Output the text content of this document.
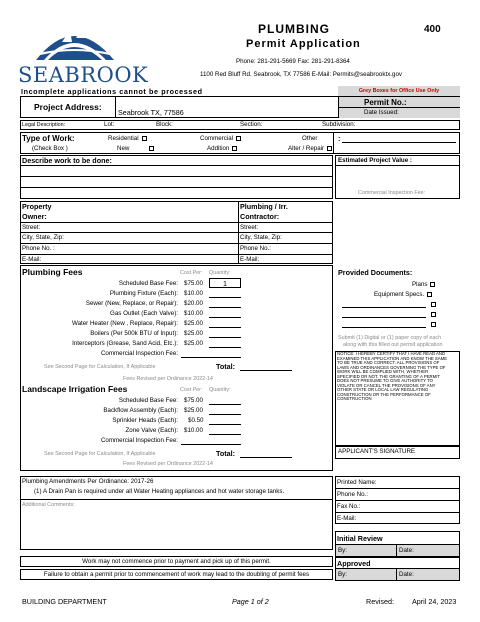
SEABROOK
PLUMBING
Permit Application
400
Phone: 281-291-5669 Fax: 281-291-8364
1100 Red Bluff Rd. Seabrook, TX 77586 E-Mail: Permits@seabrooktx.gov
Incomplete applications cannot be processed	Grey Boxes for Office Use Only
Project Address:
Seabrook TX, 77586
Permit No.:
Date Issued:
Legal Description:	Lot:	Block:	Section:	Subdivision:
Type of Work:
(Check Box )
Residential
New
Commercial
Addition
Other
Alter / Repair
:
Describe work to be done:	Estimated Project Value :
Commercial Inspection Fee:
Property
Owner:
Street:
City, State, Zip:
Phone No. :
E-Mail:
Plumbing / Irr.
Contractor:
Street:
City, State, Zip:
Phone No.:
E-Mail:
Plumbing Fees	Cost Per: Quantity:
Scheduled Base Fee: $75.00	1
Plumbing Fixture (Each): $10.00
Sewer (New, Replace, or Repair): $20.00
Gas Outlet (Each Valve): $10.00
Water Heater (New , Replace, Repair): $25.00
Boilers (Per 500k BTU of Input): $25.00
Interceptors (Grease, Sand Acid, Etc.): $25.00
Commercial Inspection Fee:
See Second Page for Calculation, If Applicable	Total:
Fees Revised per Ordinance 2022-14
Landscape Irrigation Fees	Cost Per: Quantity:
Scheduled Base Fee: $75.00
Backflow Assembly (Each): $25.00
Sprinkler Heads (Each): $0.50
Zone Valve (Each): $10.00
Commercial Inspection Fee:
See Second Page for Calculation, If Applicable	Total:
Fees Revised per Ordinance 2022-14
Provided Documents:
Plans
Equipment Specs.
Submit (1) Digital or (1) paper copy of each
along with this filled out permit application
NOTICE: I HEREBY CERTIFY THAT I HAVE READ AND
EXAMINED THIS APPLICATION AND KNOW THE SAME
TO BE TRUE AND CORRECT. ALL PROVISIONS OF
LAWS AND ORDINANCES GOVERNING THE TYPE OF
WORK WILL BE COMPLIED WITH, WHETHER
SPECIFIED OR NOT. THE GRANTING OF A PERMIT
DOES NOT PRESUME TO GIVE AUTHORITY TO
VIOLATE OR CANCEL THE PROVISIONS OF ANY
OTHER STATE OR LOCAL LAW REGULATING
CONSTRUCTION OR THE PERFORMANCE OF
CONSTRUCTION
APPLICANT'S SIGNATURE
Plumbing Amendments Per Ordinance: 2017-26
(1) A Drain Pan is required under all Water Heating appliances and hot water storage tanks.
Additional Comments:
Printed Name:
Phone No.:
Fax No.:
E-Mail:
Initial Review
By:	Date:
Approved
By:	Date:
Work may not commence prior to payment and pick up of this permit.
Failure to obtain a permit prior to commencement of work may lead to the doubling of permit fees
BUILDING DEPARTMENT	Page 1 of 2	Revised:	April 24, 2023
